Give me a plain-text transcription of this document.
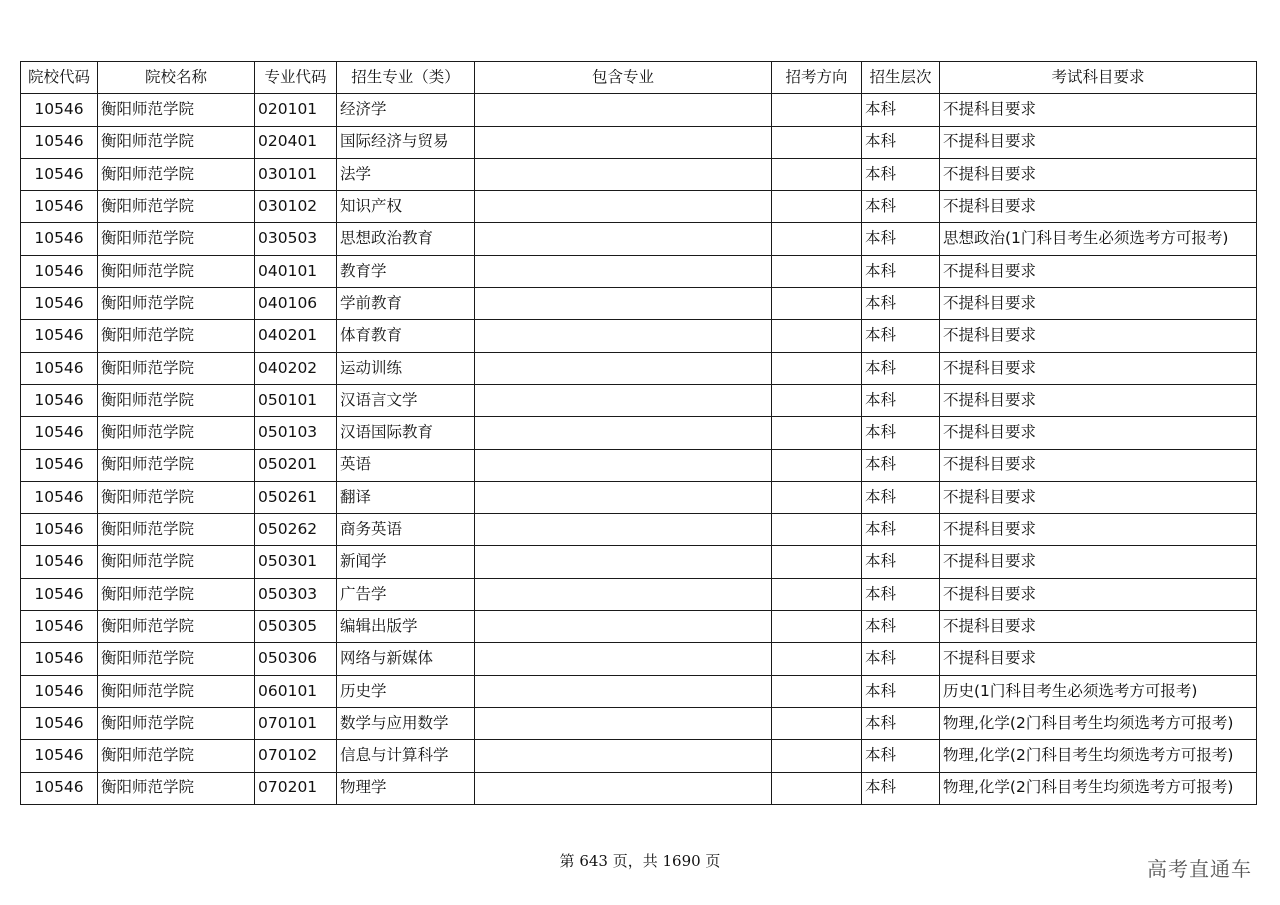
院校代码	院校名称	专业代码	招生专业（类）	包含专业	招考方向	招生层次	考试科目要求
10546	衡阳师范学院	020101	经济学			本科	不提科目要求
10546	衡阳师范学院	020401	国际经济与贸易			本科	不提科目要求
10546	衡阳师范学院	030101	法学			本科	不提科目要求
10546	衡阳师范学院	030102	知识产权			本科	不提科目要求
10546	衡阳师范学院	030503	思想政治教育			本科	思想政治(1门科目考生必须选考方可报考)
10546	衡阳师范学院	040101	教育学			本科	不提科目要求
10546	衡阳师范学院	040106	学前教育			本科	不提科目要求
10546	衡阳师范学院	040201	体育教育			本科	不提科目要求
10546	衡阳师范学院	040202	运动训练			本科	不提科目要求
10546	衡阳师范学院	050101	汉语言文学			本科	不提科目要求
10546	衡阳师范学院	050103	汉语国际教育			本科	不提科目要求
10546	衡阳师范学院	050201	英语			本科	不提科目要求
10546	衡阳师范学院	050261	翻译			本科	不提科目要求
10546	衡阳师范学院	050262	商务英语			本科	不提科目要求
10546	衡阳师范学院	050301	新闻学			本科	不提科目要求
10546	衡阳师范学院	050303	广告学			本科	不提科目要求
10546	衡阳师范学院	050305	编辑出版学			本科	不提科目要求
10546	衡阳师范学院	050306	网络与新媒体			本科	不提科目要求
10546	衡阳师范学院	060101	历史学			本科	历史(1门科目考生必须选考方可报考)
10546	衡阳师范学院	070101	数学与应用数学			本科	物理,化学(2门科目考生均须选考方可报考)
10546	衡阳师范学院	070102	信息与计算科学			本科	物理,化学(2门科目考生均须选考方可报考)
10546	衡阳师范学院	070201	物理学			本科	物理,化学(2门科目考生均须选考方可报考)
第 643 页，共 1690 页	高考直通车
